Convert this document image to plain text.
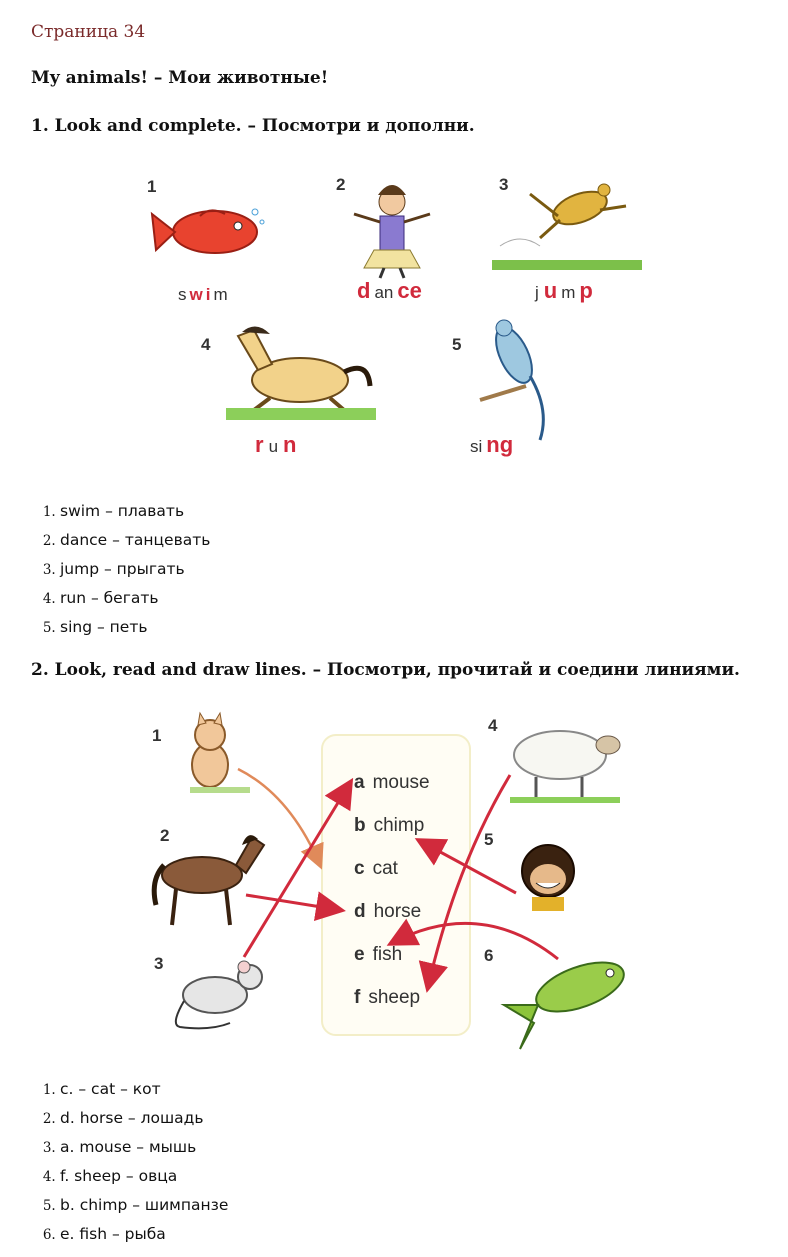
Страница 34
My animals! – Мои животные!
1. Look and complete. – Посмотри и дополни.
1	2	3
4	5
s w i m	d an ce	j u m p
r u n	si ng
1. swim – плавать
2. dance – танцевать
3. jump – прыгать
4. run – бегать
5. sing – петь
2. Look, read and draw lines. – Посмотри, прочитай и соедини линиями.
1
2
3
4
5
6
a mouse
b chimp
c cat
d horse
e fish
f sheep
1. c. – cat – кот
2. d. horse – лошадь
3. a. mouse – мышь
4. f. sheep – овца
5. b. chimp – шимпанзе
6. e. fish – рыба
